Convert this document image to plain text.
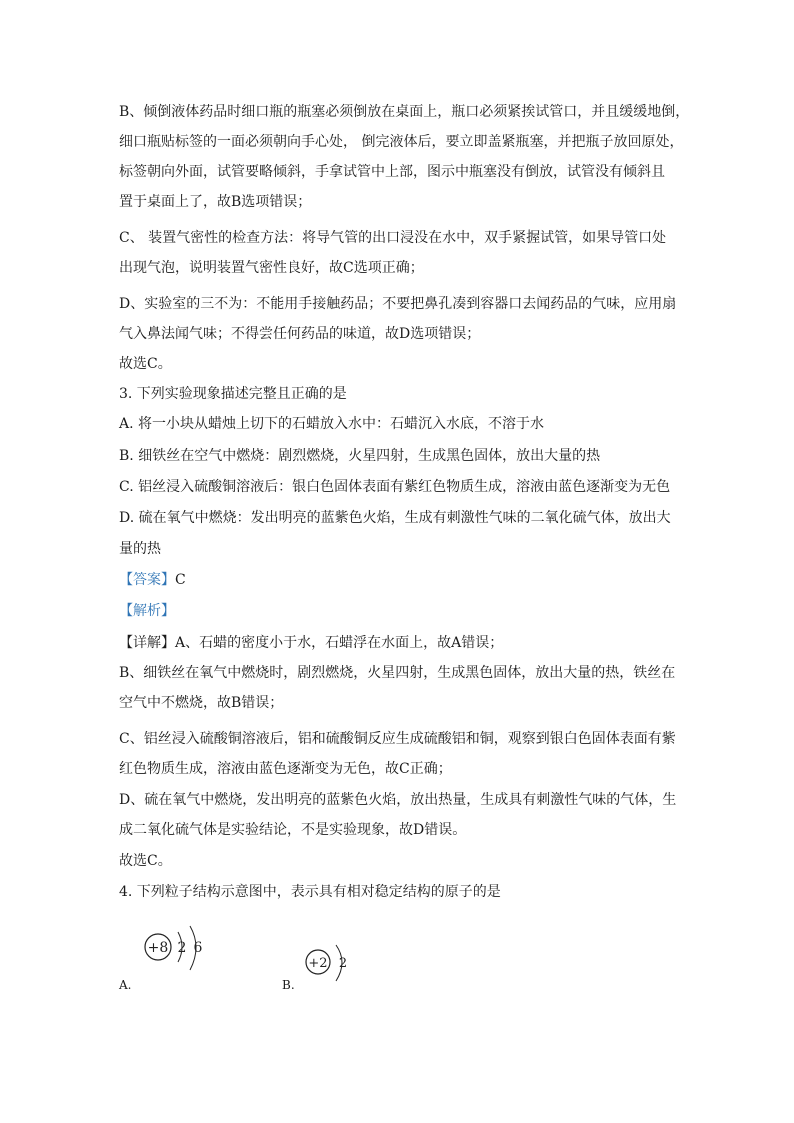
B、倾倒液体药品时细口瓶的瓶塞必须倒放在桌面上，瓶口必须紧挨试管口，并且缓缓地倒，
细口瓶贴标签的一面必须朝向手心处， 倒完液体后，要立即盖紧瓶塞，并把瓶子放回原处，
标签朝向外面，试管要略倾斜，手拿试管中上部，图示中瓶塞没有倒放，试管没有倾斜且
置于桌面上了，故B选项错误；
C、 装置气密性的检查方法：将导气管的出口浸没在水中，双手紧握试管，如果导管口处
出现气泡，说明装置气密性良好，故C选项正确；
D、实验室的三不为：不能用手接触药品；不要把鼻孔凑到容器口去闻药品的气味，应用扇
气入鼻法闻气味；不得尝任何药品的味道，故D选项错误；
故选C。
3. 下列实验现象描述完整且正确的是
A. 将一小块从蜡烛上切下的石蜡放入水中：石蜡沉入水底，不溶于水
B. 细铁丝在空气中燃烧：剧烈燃烧，火星四射，生成黑色固体，放出大量的热
C. 铝丝浸入硫酸铜溶液后：银白色固体表面有紫红色物质生成，溶液由蓝色逐渐变为无色
D. 硫在氧气中燃烧：发出明亮的蓝紫色火焰，生成有刺激性气味的二氧化硫气体，放出大
量的热
【答案】C
【解析】
【详解】A、石蜡的密度小于水，石蜡浮在水面上，故A错误；
B、细铁丝在氧气中燃烧时，剧烈燃烧，火星四射，生成黑色固体，放出大量的热，铁丝在
空气中不燃烧，故B错误；
C、铝丝浸入硫酸铜溶液后，铝和硫酸铜反应生成硫酸铝和铜，观察到银白色固体表面有紫
红色物质生成，溶液由蓝色逐渐变为无色，故C正确；
D、硫在氧气中燃烧，发出明亮的蓝紫色火焰，放出热量，生成具有刺激性气味的气体，生
成二氧化硫气体是实验结论，不是实验现象，故D错误。
故选C。
4. 下列粒子结构示意图中，表示具有相对稳定结构的原子的是
+8 2 6
A.
+2 2
B.
